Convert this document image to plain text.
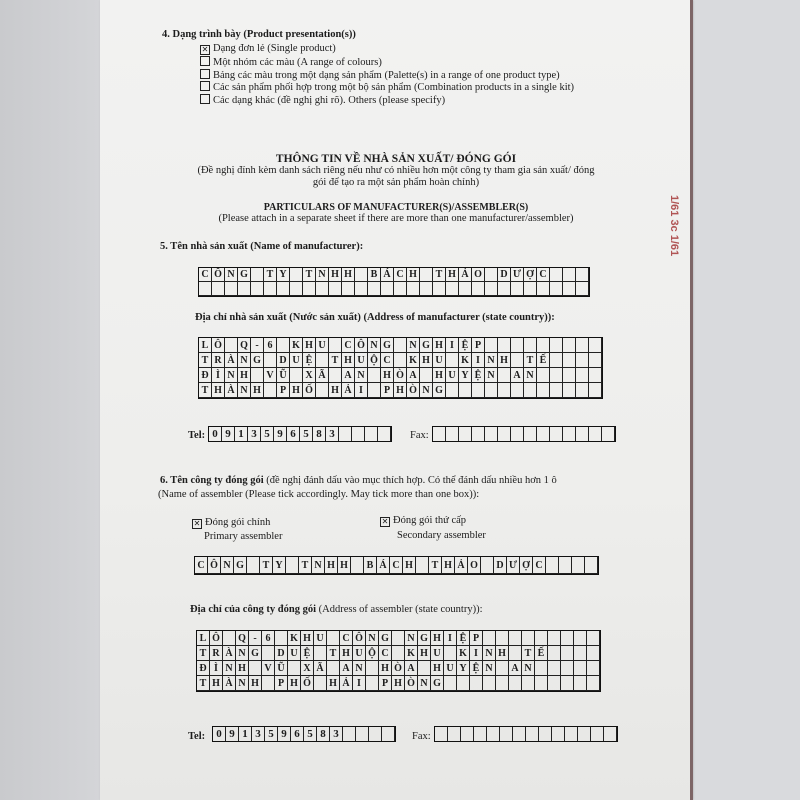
4. Dạng trình bày (Product presentation(s))
✕ Dạng đơn lẻ (Single product)
Một nhóm các màu (A range of colours)
Bảng các màu trong một dạng sản phẩm (Palette(s) in a range of one product type)
Các sản phẩm phối hợp trong một bộ sản phẩm (Combination products in a single kit)
Các dạng khác (đề nghị ghi rõ). Others (please specify)
THÔNG TIN VỀ NHÀ SẢN XUẤT/ ĐÓNG GÓI
(Đề nghị đính kèm danh sách riêng nếu như có nhiều hơn một công ty tham gia sản xuất/ đóng
gói để tạo ra một sản phẩm hoàn chỉnh)
PARTICULARS OF MANUFACTURER(S)/ASSEMBLER(S)
(Please attach in a separate sheet if there are more than one manufacturer/assembler)
5. Tên nhà sản xuất (Name of manufacturer):
C Ô N G	T Y	T N H H	B Á C H	T H Ả O	D Ư Ợ C
Địa chỉ nhà sản xuất (Nước sản xuất) (Address of manufacturer (state country)):
L Ô	Q - 6	K H U	C Ô N G	N G H I Ệ P
T R À N G	D U Ệ	T H U Ộ C	K H U	K I N H	T Ế
Đ Ì N H	V Ũ	X Ã	A N	H Ò A	H U Y Ệ N	A N
T H À N H	P H Ố	H Ả I	P H Ò N G
Tel: 0 9 1 3 5 9 6 5 8 3	Fax:
6. Tên công ty đóng gói (đề nghị đánh dấu vào mục thích hợp. Có thể đánh dấu nhiều hơn 1 ô
(Name of assembler (Please tick accordingly. May tick more than one box)):
✕ Đóng gói chính
Primary assembler
✕ Đóng gói thứ cấp
Secondary assembler
C Ô N G	T Y	T N H H	B Á C H	T H Ả O	D Ư Ợ C
Địa chỉ của công ty đóng gói (Address of assembler (state country)):
L Ô	Q - 6	K H U	C Ô N G	N G H I Ệ P
T R À N G	D U Ệ	T H U Ộ C	K H U	K I N H	T Ế
Đ Ì N H	V Ũ	X Ã	A N	H Ò A	H U Y Ệ N	A N
T H À N H	P H Ố	H Ả I	P H Ò N G
Tel: 0 9 1 3 5 9 6 5 8 3	Fax:
1/61 3c 1/61
